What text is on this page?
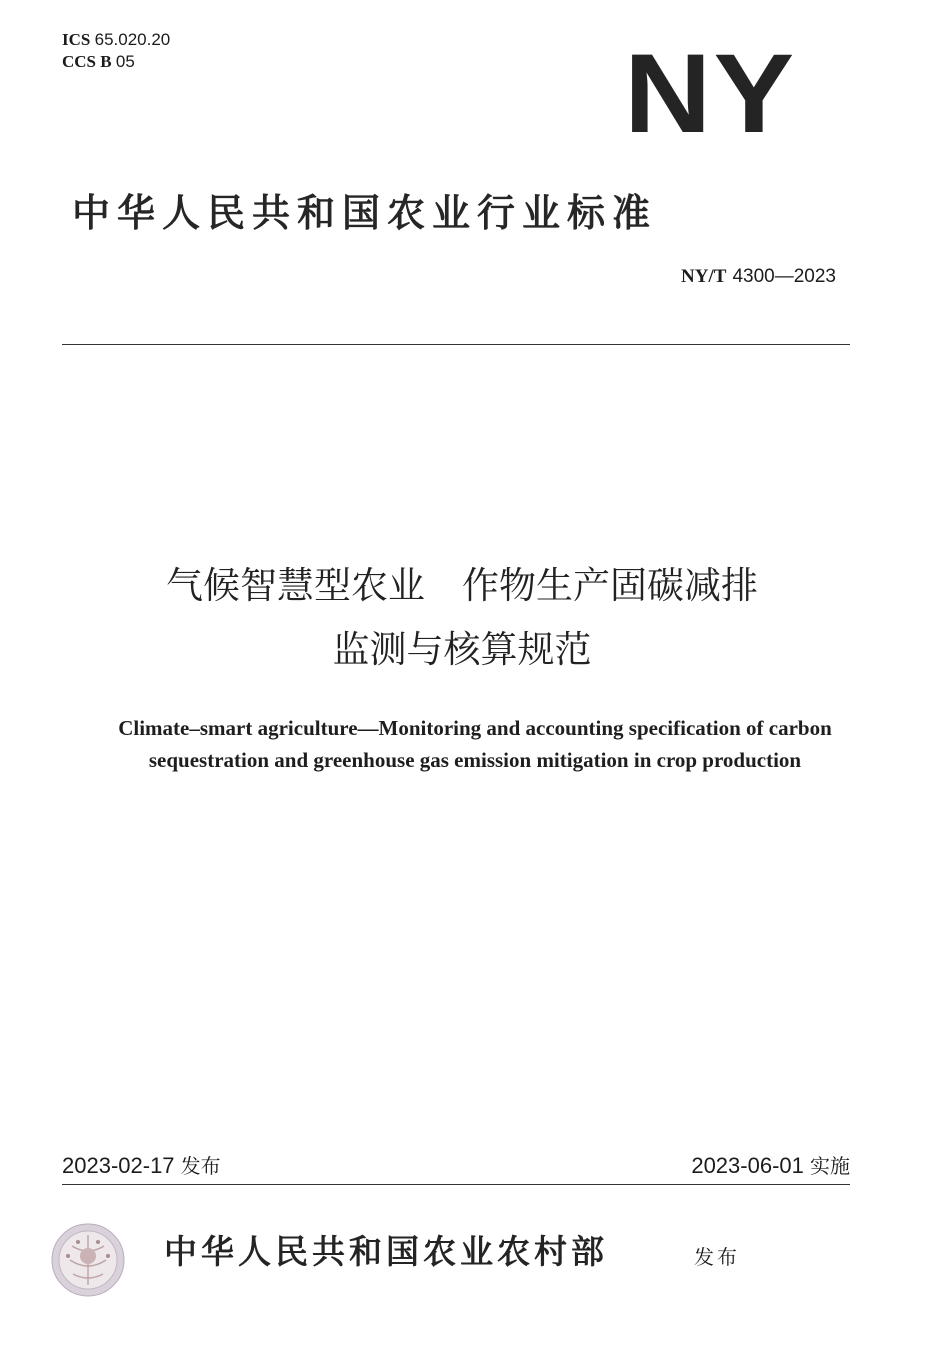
ICS 65.020.20
CCS B 05	NY
中华人民共和国农业行业标准
NY/T 4300—2023
气候智慧型农业　作物生产固碳减排
监测与核算规范
Climate–smart agriculture—Monitoring and accounting specification of carbon
sequestration and greenhouse gas emission mitigation in crop production
2023-02-17 发布	2023-06-01 实施
中华人民共和国农业农村部	发布
